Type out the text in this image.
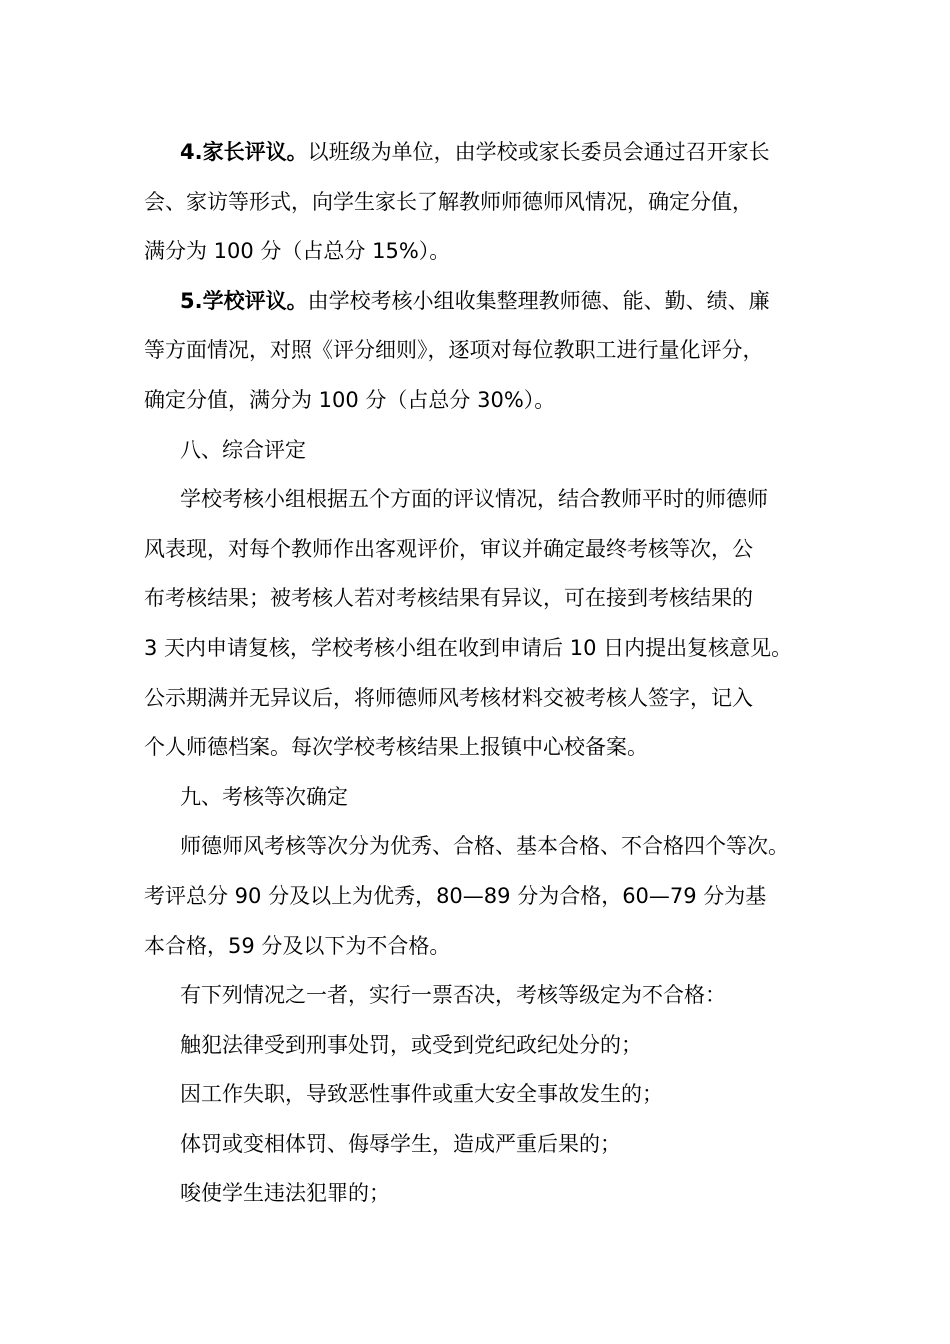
4.家长评议。以班级为单位，由学校或家长委员会通过召开家长
会、家访等形式，向学生家长了解教师师德师风情况，确定分值，
满分为 100 分（占总分 15%）。
5.学校评议。由学校考核小组收集整理教师德、能、勤、绩、廉
等方面情况，对照《评分细则》，逐项对每位教职工进行量化评分，
确定分值，满分为 100 分（占总分 30%）。
八、综合评定
学校考核小组根据五个方面的评议情况，结合教师平时的师德师
风表现，对每个教师作出客观评价，审议并确定最终考核等次，公
布考核结果；被考核人若对考核结果有异议，可在接到考核结果的
3 天内申请复核，学校考核小组在收到申请后 10 日内提出复核意见。
公示期满并无异议后，将师德师风考核材料交被考核人签字，记入
个人师德档案。每次学校考核结果上报镇中心校备案。
九、考核等次确定
师德师风考核等次分为优秀、合格、基本合格、不合格四个等次。
考评总分 90 分及以上为优秀，80—89 分为合格，60—79 分为基
本合格，59 分及以下为不合格。
有下列情况之一者，实行一票否决，考核等级定为不合格：
触犯法律受到刑事处罚，或受到党纪政纪处分的；
因工作失职，导致恶性事件或重大安全事故发生的；
体罚或变相体罚、侮辱学生，造成严重后果的；
唆使学生违法犯罪的；
